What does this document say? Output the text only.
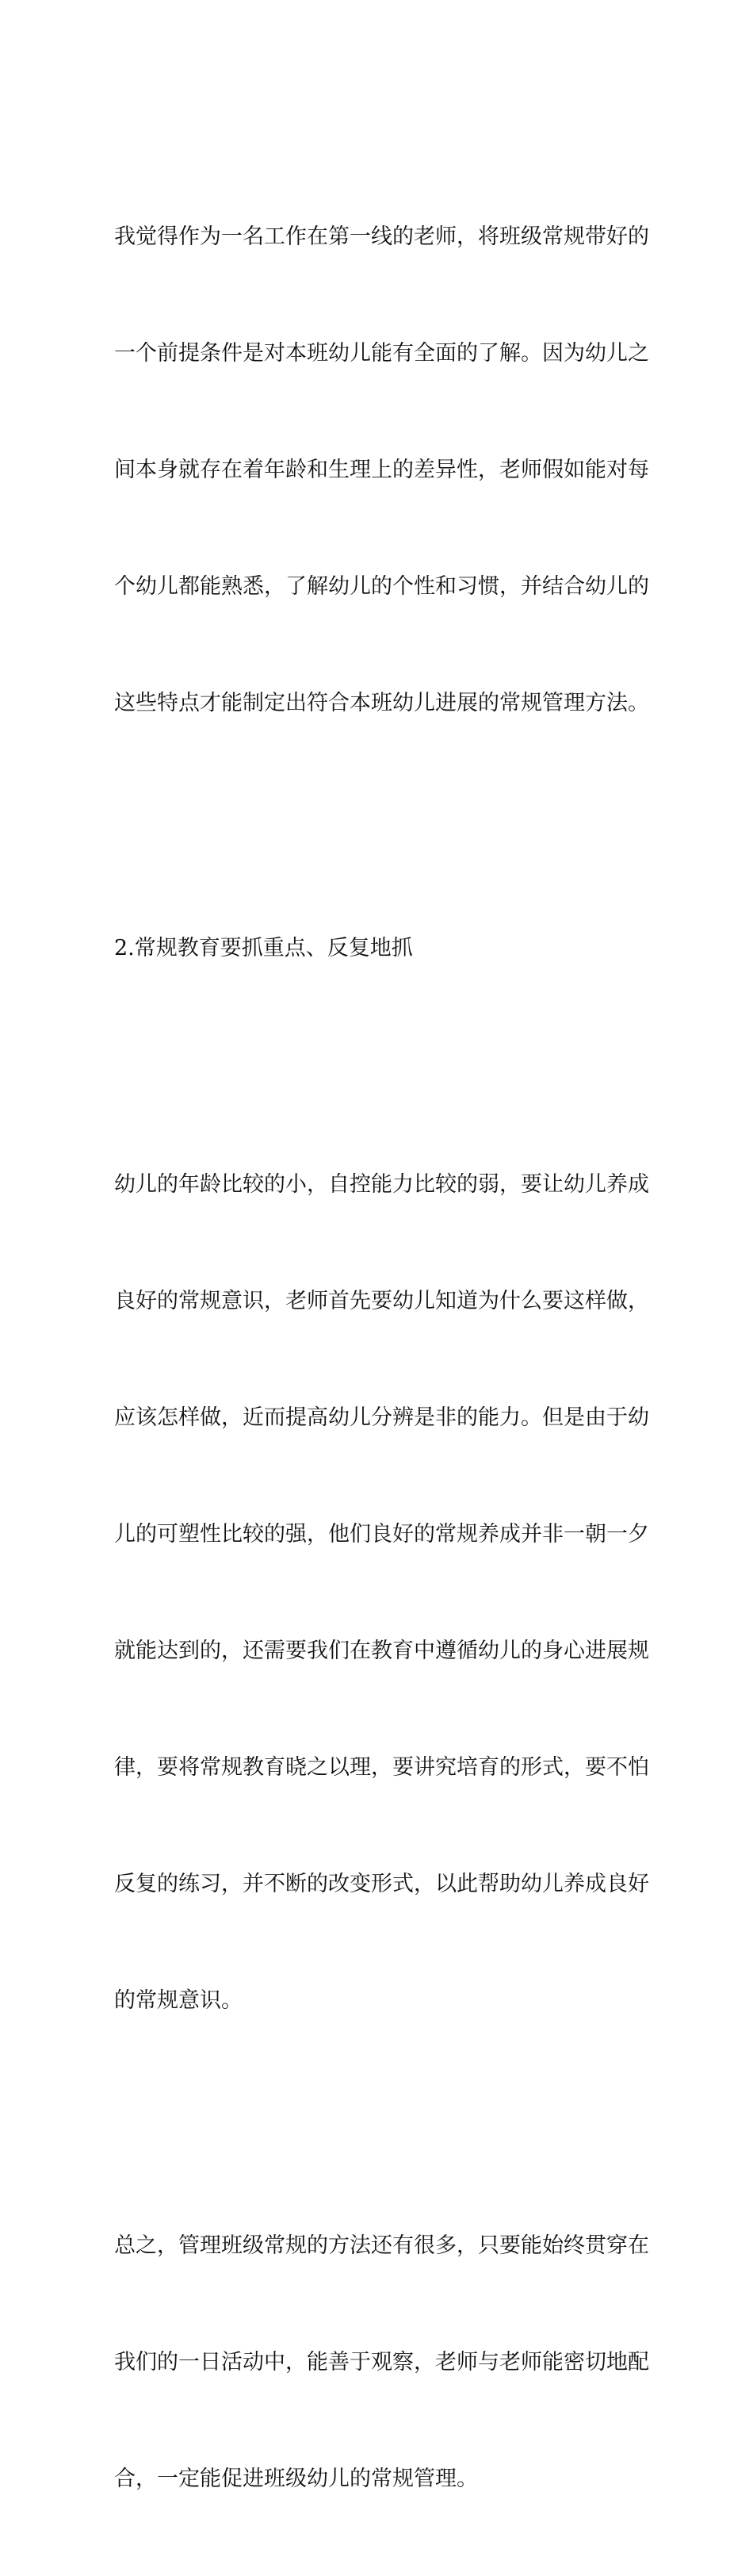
我觉得作为一名工作在第一线的老师，将班级常规带好的

一个前提条件是对本班幼儿能有全面的了解。因为幼儿之

间本身就存在着年龄和生理上的差异性，老师假如能对每

个幼儿都能熟悉，了解幼儿的个性和习惯，并结合幼儿的

这些特点才能制定出符合本班幼儿进展的常规管理方法。

2.常规教育要抓重点、反复地抓

幼儿的年龄比较的小，自控能力比较的弱，要让幼儿养成

良好的常规意识，老师首先要幼儿知道为什么要这样做，

应该怎样做，近而提高幼儿分辨是非的能力。但是由于幼

儿的可塑性比较的强，他们良好的常规养成并非一朝一夕

就能达到的，还需要我们在教育中遵循幼儿的身心进展规

律，要将常规教育晓之以理，要讲究培育的形式，要不怕

反复的练习，并不断的改变形式，以此帮助幼儿养成良好

的常规意识。

总之，管理班级常规的方法还有很多，只要能始终贯穿在

我们的一日活动中，能善于观察，老师与老师能密切地配

合，一定能促进班级幼儿的常规管理。
